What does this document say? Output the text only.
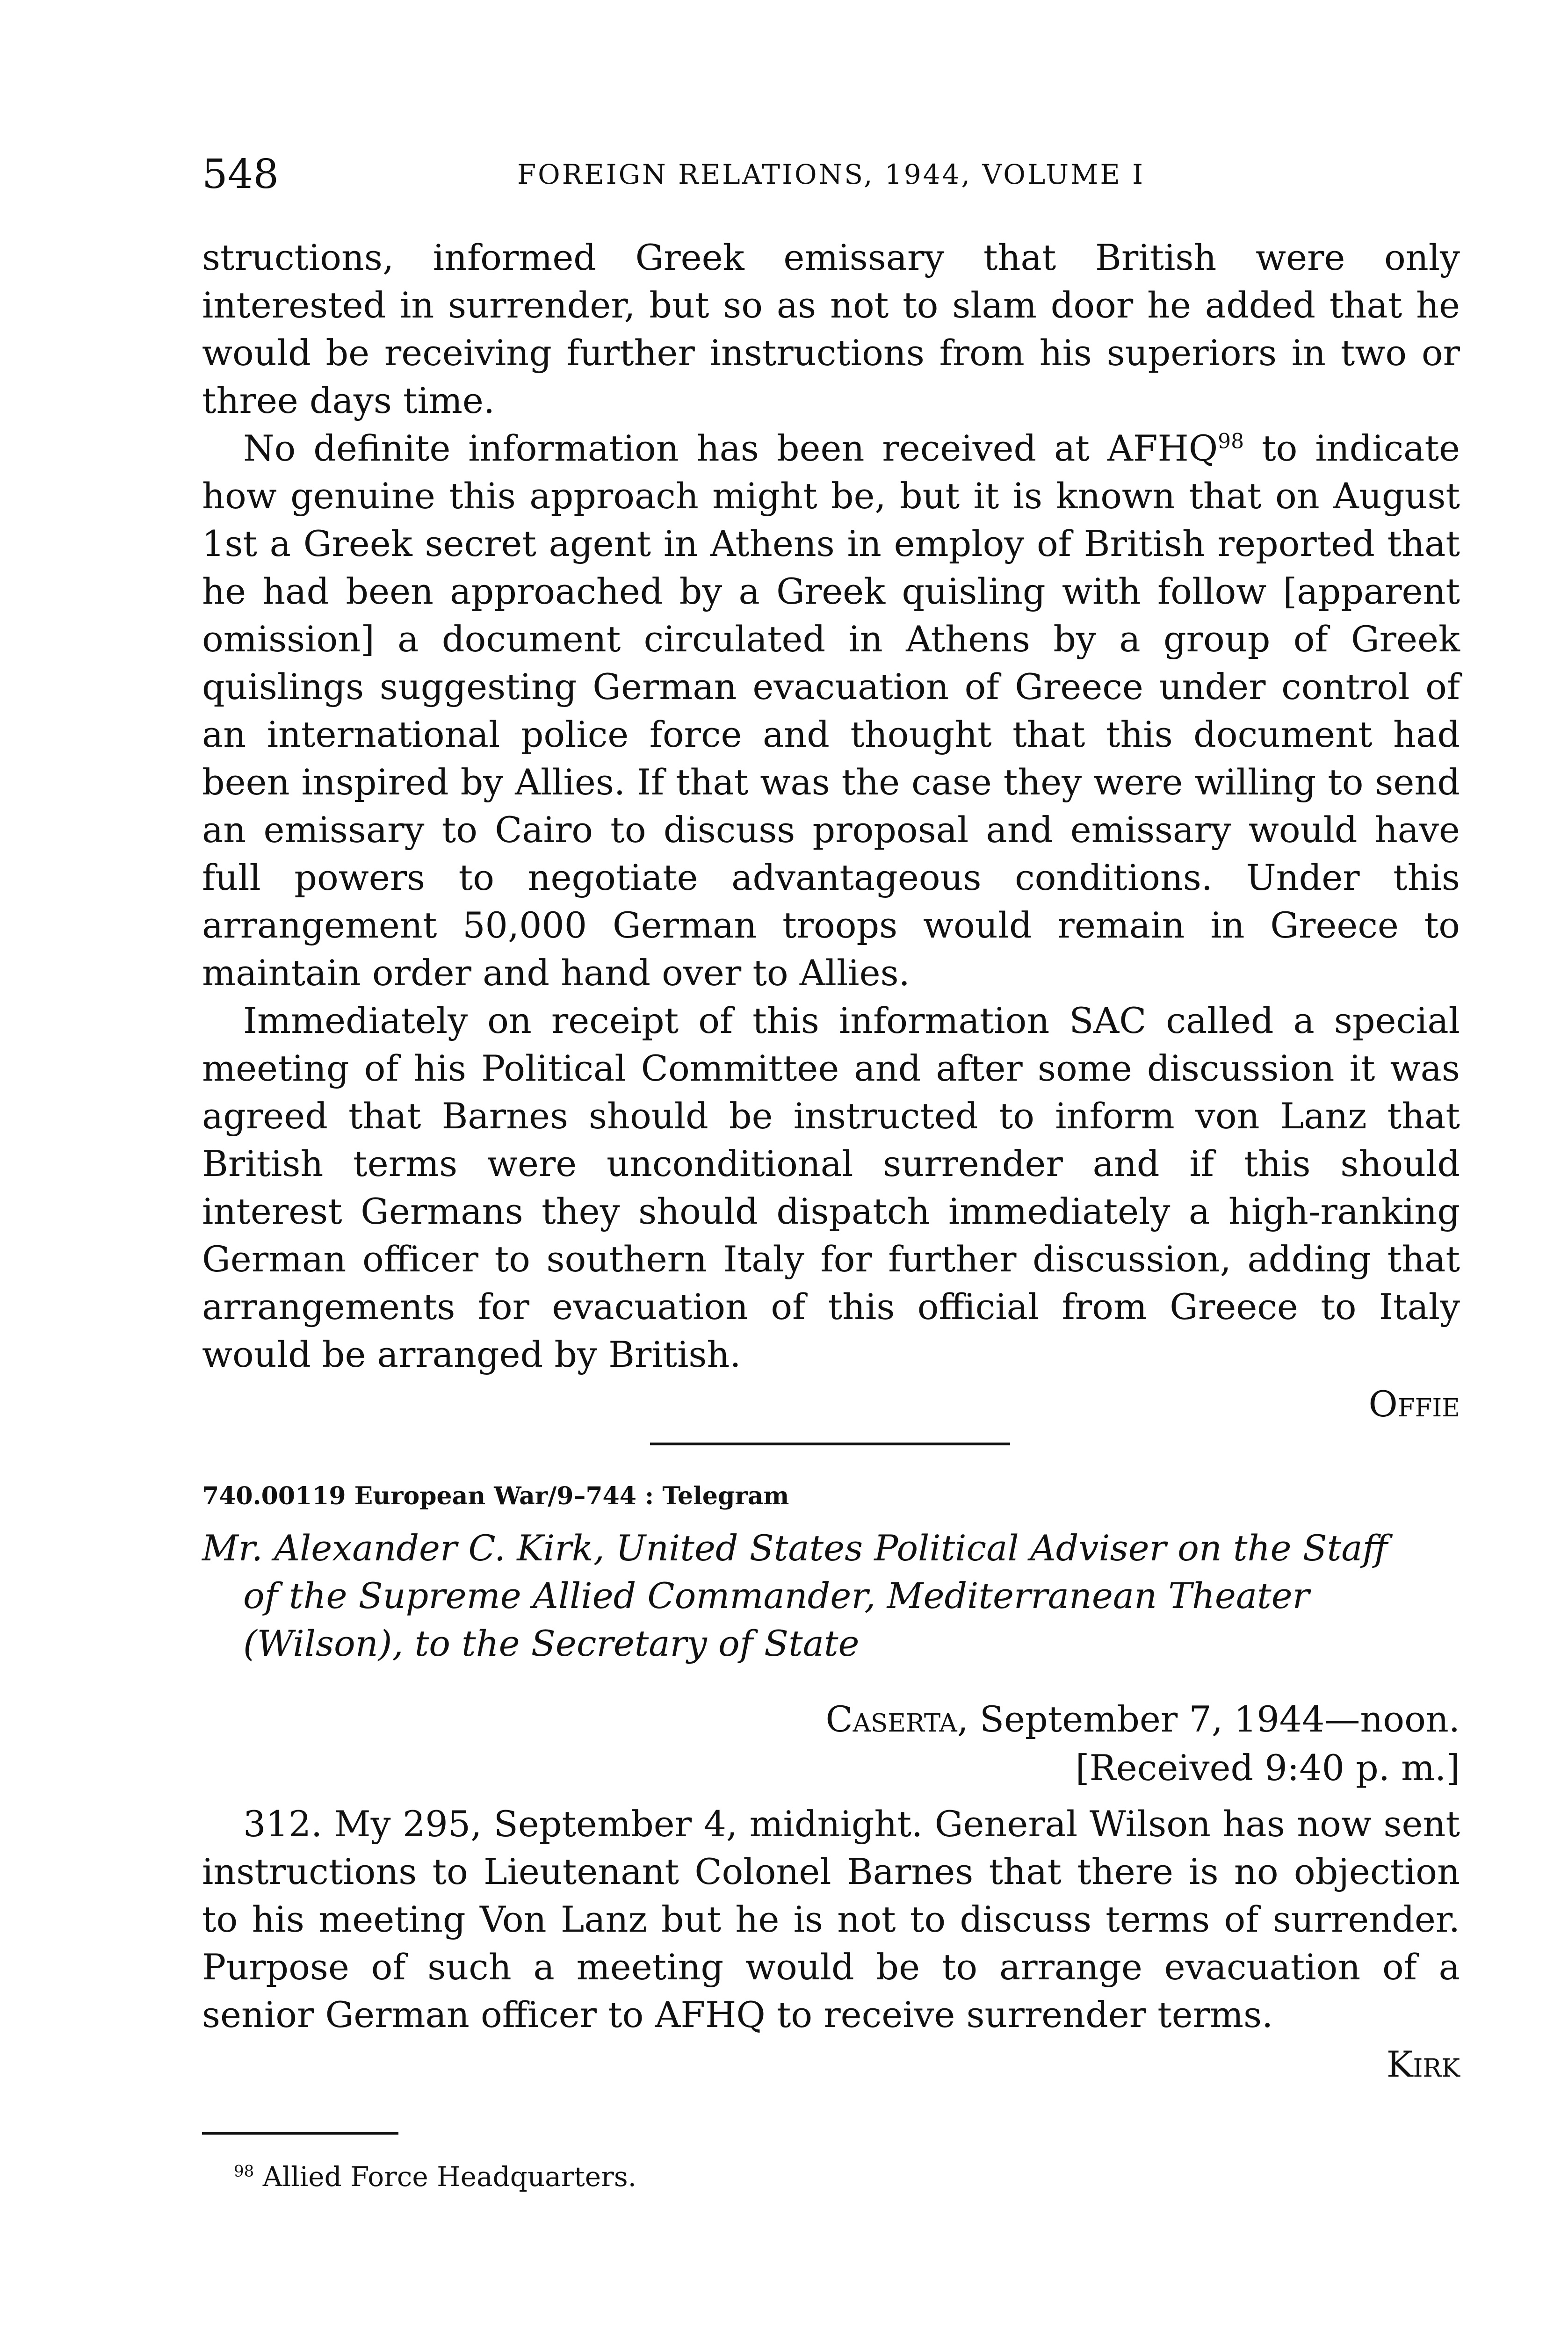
548	FOREIGN RELATIONS, 1944, VOLUME I

structions, informed Greek emissary that British were only interested in surrender, but so as not to slam door he added that he would be receiving further instructions from his superiors in two or three days time.

No definite information has been received at AFHQ$^{98}$ to indicate how genuine this approach might be, but it is known that on August 1st a Greek secret agent in Athens in employ of British reported that he had been approached by a Greek quisling with follow [apparent omission] a document circulated in Athens by a group of Greek quislings suggesting German evacuation of Greece under control of an international police force and thought that this document had been inspired by Allies. If that was the case they were willing to send an emissary to Cairo to discuss proposal and emissary would have full powers to negotiate advantageous conditions. Under this arrangement 50,000 German troops would remain in Greece to maintain order and hand over to Allies.

Immediately on receipt of this information SAC called a special meeting of his Political Committee and after some discussion it was agreed that Barnes should be instructed to inform von Lanz that British terms were unconditional surrender and if this should interest Germans they should dispatch immediately a high-ranking German officer to southern Italy for further discussion, adding that arrangements for evacuation of this official from Greece to Italy would be arranged by British.

Offie

740.00119 European War/9–744 : Telegram
Mr. Alexander C. Kirk, United States Political Adviser on the Staff
of the Supreme Allied Commander, Mediterranean Theater (Wilson), to the Secretary of State
Caserta, September 7, 1944—noon.
[Received 9:40 p. m.]

312. My 295, September 4, midnight. General Wilson has now sent instructions to Lieutenant Colonel Barnes that there is no objection to his meeting Von Lanz but he is not to discuss terms of surrender. Purpose of such a meeting would be to arrange evacuation of a senior German officer to AFHQ to receive surrender terms.

Kirk

$^{98}$ Allied Force Headquarters.
